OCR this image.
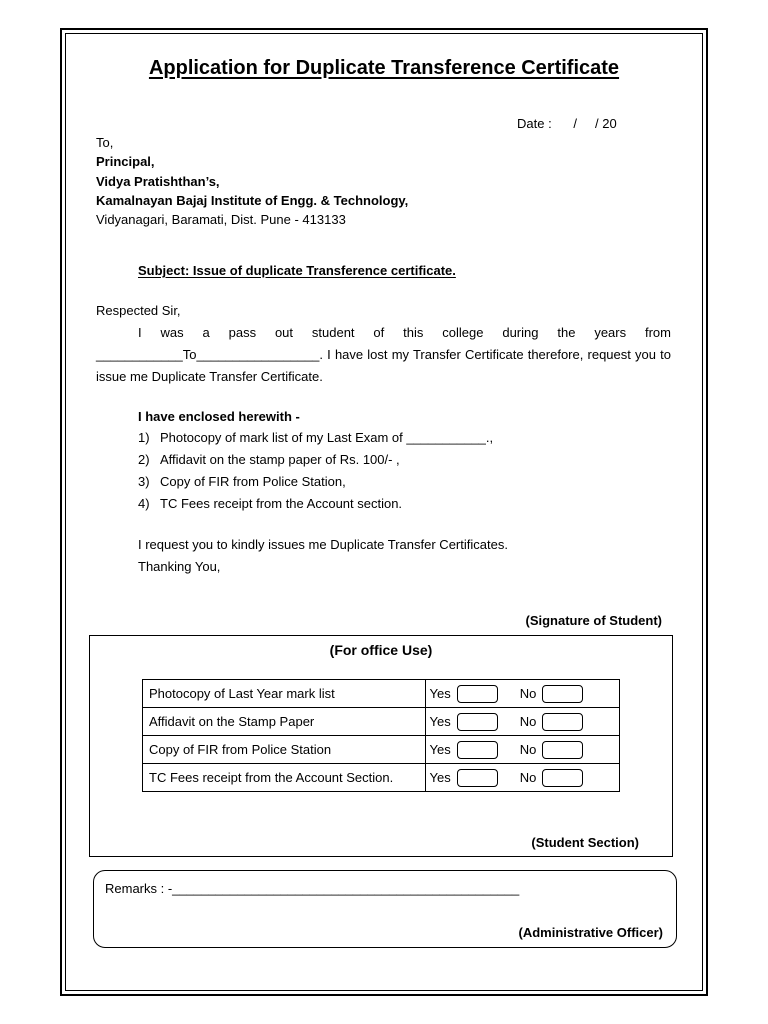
Application for Duplicate Transference Certificate
Date :      /     / 20
To,
Principal,
Vidya Pratishthan’s,
Kamalnayan Bajaj Institute of Engg. & Technology,
Vidyanagari, Baramati, Dist. Pune - 413133
Subject: Issue of duplicate Transference certificate.
Respected Sir,
I was a pass out student of this college during the years from ____________To_________________. I have lost my Transfer Certificate therefore, request you to issue me Duplicate Transfer Certificate.
I have enclosed herewith -
1) Photocopy of mark list of my Last Exam of ___________.,
2) Affidavit on the stamp paper of Rs. 100/- ,
3) Copy of FIR from Police Station,
4) TC Fees receipt from the Account section.
I request you to kindly issues me Duplicate Transfer Certificates.
Thanking You,
(Signature of Student)
(For office Use)
Photocopy of Last Year mark list	Yes No
Affidavit on the Stamp Paper	Yes No
Copy of FIR from Police Station	Yes No
TC Fees receipt from the Account Section.	Yes No
(Student Section)
Remarks : -________________________________________________
(Administrative Officer)
